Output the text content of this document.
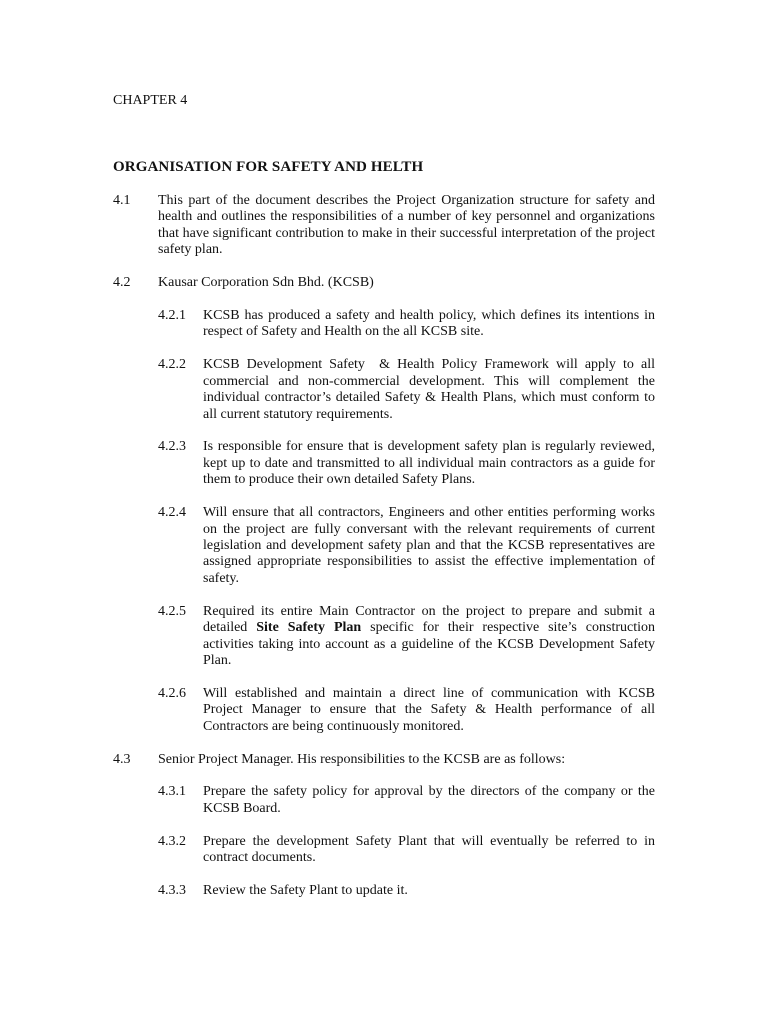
CHAPTER 4
ORGANISATION FOR SAFETY AND HELTH
4.1	This part of the document describes the Project Organization structure for safety and health and outlines the responsibilities of a number of key personnel and organizations that have significant contribution to make in their successful interpretation of the project safety plan.
4.2	Kausar Corporation Sdn Bhd. (KCSB)
4.2.1	KCSB has produced a safety and health policy, which defines its intentions in respect of Safety and Health on the all KCSB site.
4.2.2	KCSB Development Safety  & Health Policy Framework will apply to all commercial and non-commercial development. This will complement the individual contractor’s detailed Safety & Health Plans, which must conform to all current statutory requirements.
4.2.3	Is responsible for ensure that is development safety plan is regularly reviewed, kept up to date and transmitted to all individual main contractors as a guide for them to produce their own detailed Safety Plans.
4.2.4	Will ensure that all contractors, Engineers and other entities performing works on the project are fully conversant with the relevant requirements of current legislation and development safety plan and that the KCSB representatives are assigned appropriate responsibilities to assist the effective implementation of safety.
4.2.5	Required its entire Main Contractor on the project to prepare and submit a detailed Site Safety Plan specific for their respective site’s construction activities taking into account as a guideline of the KCSB Development Safety Plan.
4.2.6	Will established and maintain a direct line of communication with KCSB Project Manager to ensure that the Safety & Health performance of all Contractors are being continuously monitored.
4.3	Senior Project Manager. His responsibilities to the KCSB are as follows:
4.3.1	Prepare the safety policy for approval by the directors of the company or the KCSB Board.
4.3.2	Prepare the development Safety Plant that will eventually be referred to in contract documents.
4.3.3	Review the Safety Plant to update it.
